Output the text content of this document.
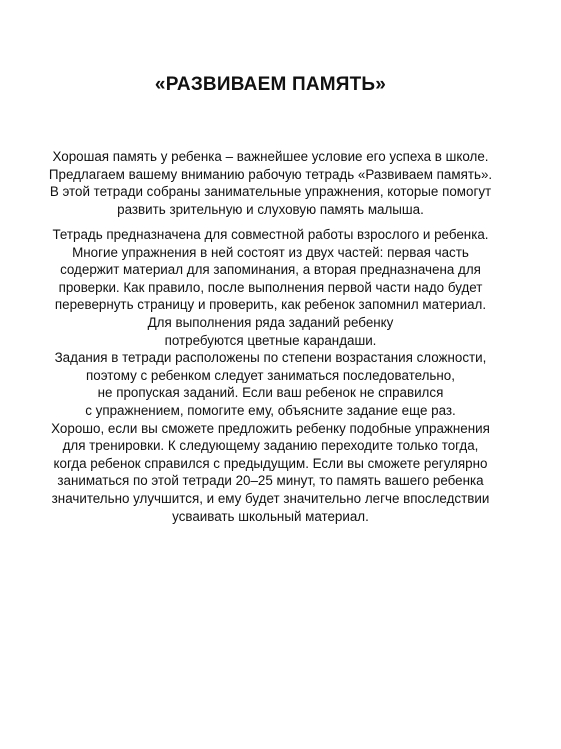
«РАЗВИВАЕМ ПАМЯТЬ»
Хорошая память у ребенка – важнейшее условие его успеха в школе.
Предлагаем вашему вниманию рабочую тетрадь «Развиваем память».
В этой тетради собраны занимательные упражнения, которые помогут
развить зрительную и слуховую память малыша.
Тетрадь предназначена для совместной работы взрослого и ребенка.
Многие упражнения в ней состоят из двух частей: первая часть
содержит материал для запоминания, а вторая предназначена для
проверки. Как правило, после выполнения первой части надо будет
перевернуть страницу и проверить, как ребенок запомнил материал.
Для выполнения ряда заданий ребенку
потребуются цветные карандаши.
Задания в тетради расположены по степени возрастания сложности,
поэтому с ребенком следует заниматься последовательно,
не пропуская заданий. Если ваш ребенок не справился
с упражнением, помогите ему, объясните задание еще раз.
Хорошо, если вы сможете предложить ребенку подобные упражнения
для тренировки. К следующему заданию переходите только тогда,
когда ребенок справился с предыдущим. Если вы сможете регулярно
заниматься по этой тетради 20–25 минут, то память вашего ребенка
значительно улучшится, и ему будет значительно легче впоследствии
усваивать школьный материал.
